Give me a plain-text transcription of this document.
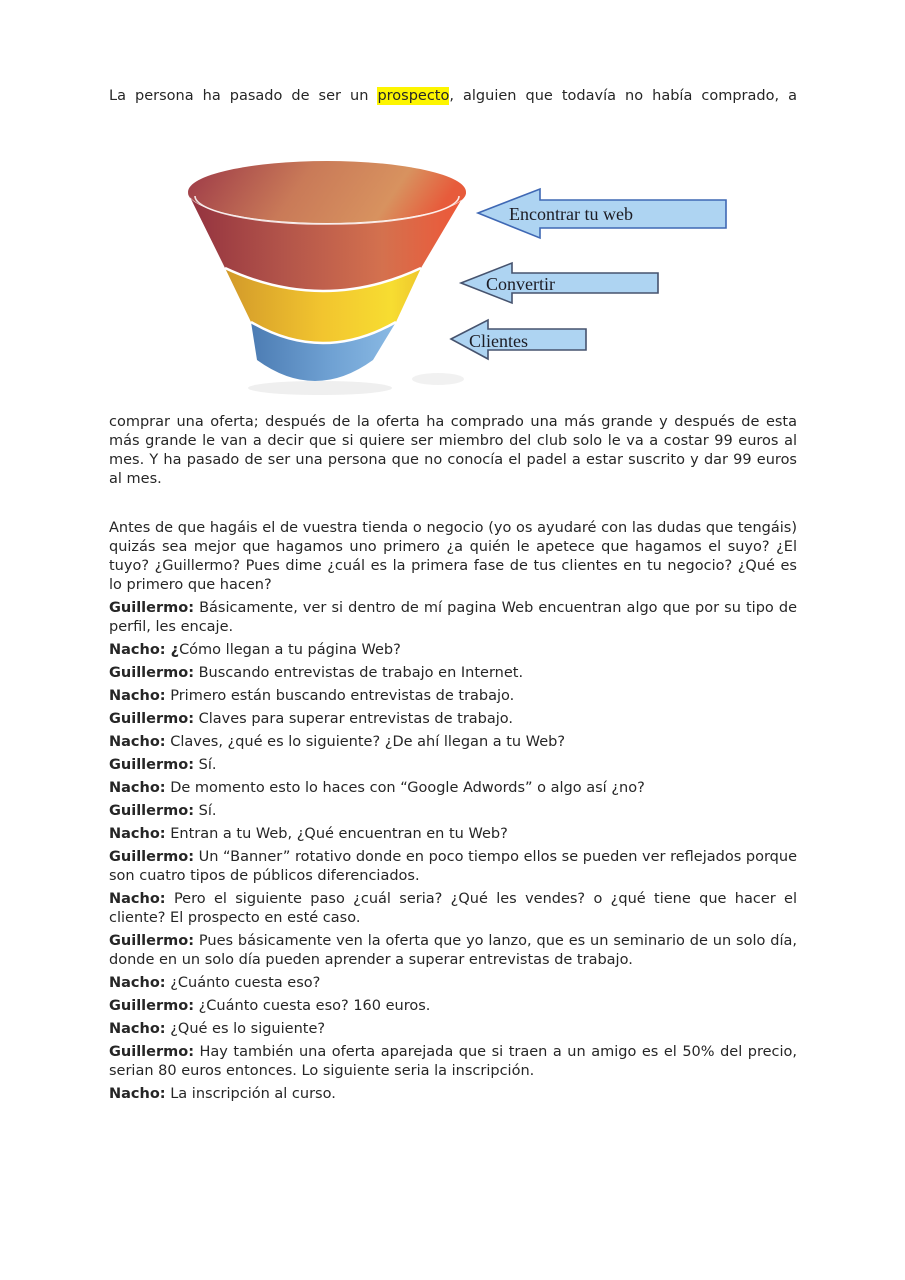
La persona ha pasado de ser un prospecto, alguien que todavía no había comprado, a

Encontrar tu web
Convertir
Clientes

comprar una oferta; después de la oferta ha comprado una más grande y después de esta más grande le van a decir que si quiere ser miembro del club solo le va a costar 99 euros al mes. Y ha pasado de ser una persona que no conocía el padel a estar suscrito y dar 99 euros al mes.

Antes de que hagáis el de vuestra tienda o negocio (yo os ayudaré con las dudas que tengáis) quizás sea mejor que hagamos uno primero ¿a quién le apetece que hagamos el suyo? ¿El tuyo? ¿Guillermo? Pues dime ¿cuál es la primera fase de tus clientes en tu negocio? ¿Qué es lo primero que hacen?

Guillermo: Básicamente, ver si dentro de mí pagina Web encuentran algo que por su tipo de perfil, les encaje.

Nacho: ¿Cómo llegan a tu página Web?

Guillermo: Buscando entrevistas de trabajo en Internet.

Nacho: Primero están buscando entrevistas de trabajo.

Guillermo: Claves para superar entrevistas de trabajo.

Nacho: Claves, ¿qué es lo siguiente? ¿De ahí llegan a tu Web?

Guillermo: Sí.

Nacho: De momento esto lo haces con “Google Adwords” o algo así ¿no?

Guillermo: Sí.

Nacho: Entran a tu Web, ¿Qué encuentran en tu Web?

Guillermo: Un “Banner” rotativo donde en poco tiempo ellos se pueden ver reflejados porque son cuatro tipos de públicos diferenciados.

Nacho: Pero el siguiente paso ¿cuál seria? ¿Qué les vendes? o ¿qué tiene que hacer el cliente? El prospecto en esté caso.

Guillermo: Pues básicamente ven la oferta que yo lanzo, que es un seminario de un solo día, donde en un solo día pueden aprender a superar entrevistas de trabajo.

Nacho: ¿Cuánto cuesta eso?

Guillermo: ¿Cuánto cuesta eso? 160 euros.

Nacho: ¿Qué es lo siguiente?

Guillermo: Hay también una oferta aparejada que si traen a un amigo es el 50% del precio, serian 80 euros entonces. Lo siguiente seria la inscripción.

Nacho: La inscripción al curso.
